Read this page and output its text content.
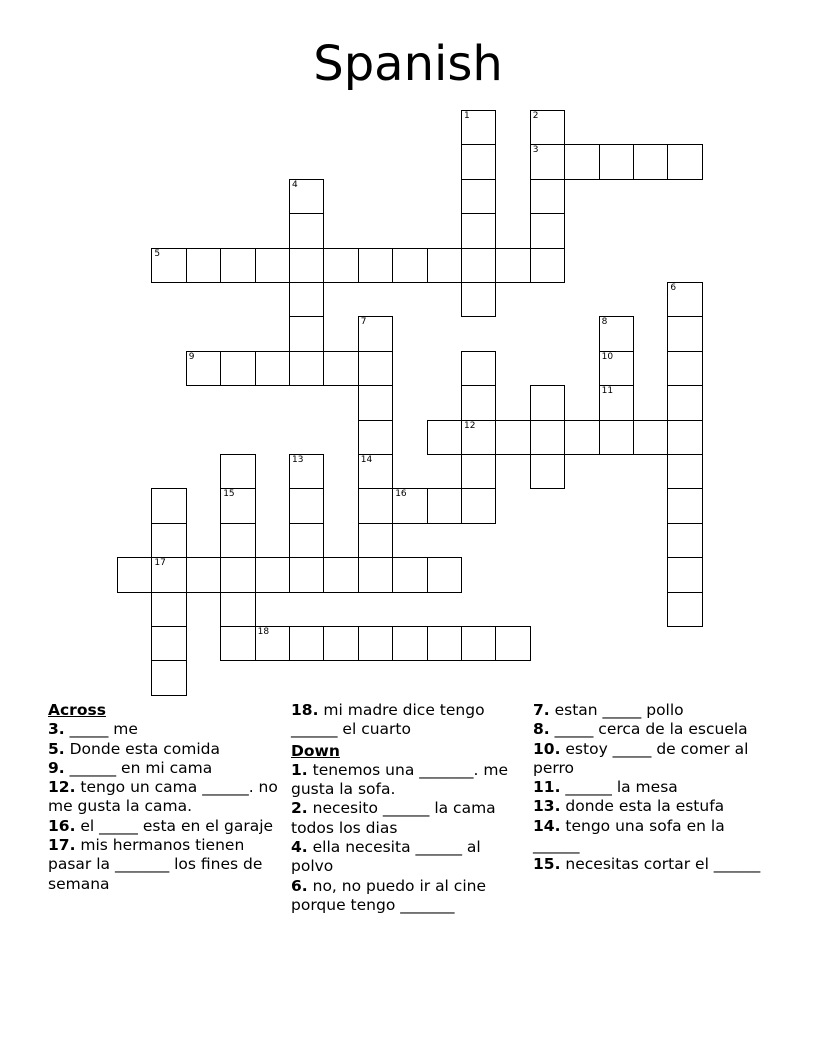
Spanish
1	2
3
4
5
6
7	8
9	10
11
12
13	14
15	16
17
18

Across

3. _____ me

5. Donde esta comida

9. ______ en mi cama

12. tengo un cama ______. no me gusta la cama.

16. el _____ esta en el garaje

17. mis hermanos tienen pasar la _______ los fines de semana

18. mi madre dice tengo ______ el cuarto

Down

1. tenemos una _______. me gusta la sofa.

2. necesito ______ la cama todos los dias

4. ella necesita ______ al polvo

6. no, no puedo ir al cine porque tengo _______

7. estan _____ pollo

8. _____ cerca de la escuela

10. estoy _____ de comer al perro

11. ______ la mesa

13. donde esta la estufa

14. tengo una sofa en la ______

15. necesitas cortar el ______
